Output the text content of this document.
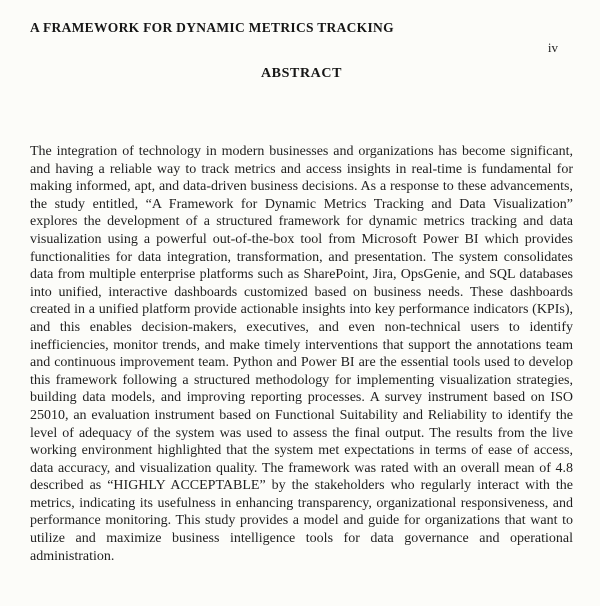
A FRAMEWORK FOR DYNAMIC METRICS TRACKING
iv
ABSTRACT

The integration of technology in modern businesses and organizations has become significant, and having a reliable way to track metrics and access insights in real-time is fundamental for making informed, apt, and data-driven business decisions. As a response to these advancements, the study entitled, “A Framework for Dynamic Metrics Tracking and Data Visualization” explores the development of a structured framework for dynamic metrics tracking and data visualization using a powerful out-of-the-box tool from Microsoft Power BI which provides functionalities for data integration, transformation, and presentation. The system consolidates data from multiple enterprise platforms such as SharePoint, Jira, OpsGenie, and SQL databases into unified, interactive dashboards customized based on business needs. These dashboards created in a unified platform provide actionable insights into key performance indicators (KPIs), and this enables decision-makers, executives, and even non-technical users to identify inefficiencies, monitor trends, and make timely interventions that support the annotations team and continuous improvement team. Python and Power BI are the essential tools used to develop this framework following a structured methodology for implementing visualization strategies, building data models, and improving reporting processes. A survey instrument based on ISO 25010, an evaluation instrument based on Functional Suitability and Reliability to identify the level of adequacy of the system was used to assess the final output. The results from the live working environment highlighted that the system met expectations in terms of ease of access, data accuracy, and visualization quality. The framework was rated with an overall mean of 4.8 described as “HIGHLY ACCEPTABLE” by the stakeholders who regularly interact with the metrics, indicating its usefulness in enhancing transparency, organizational responsiveness, and performance monitoring. This study provides a model and guide for organizations that want to utilize and maximize business intelligence tools for data governance and operational administration.
